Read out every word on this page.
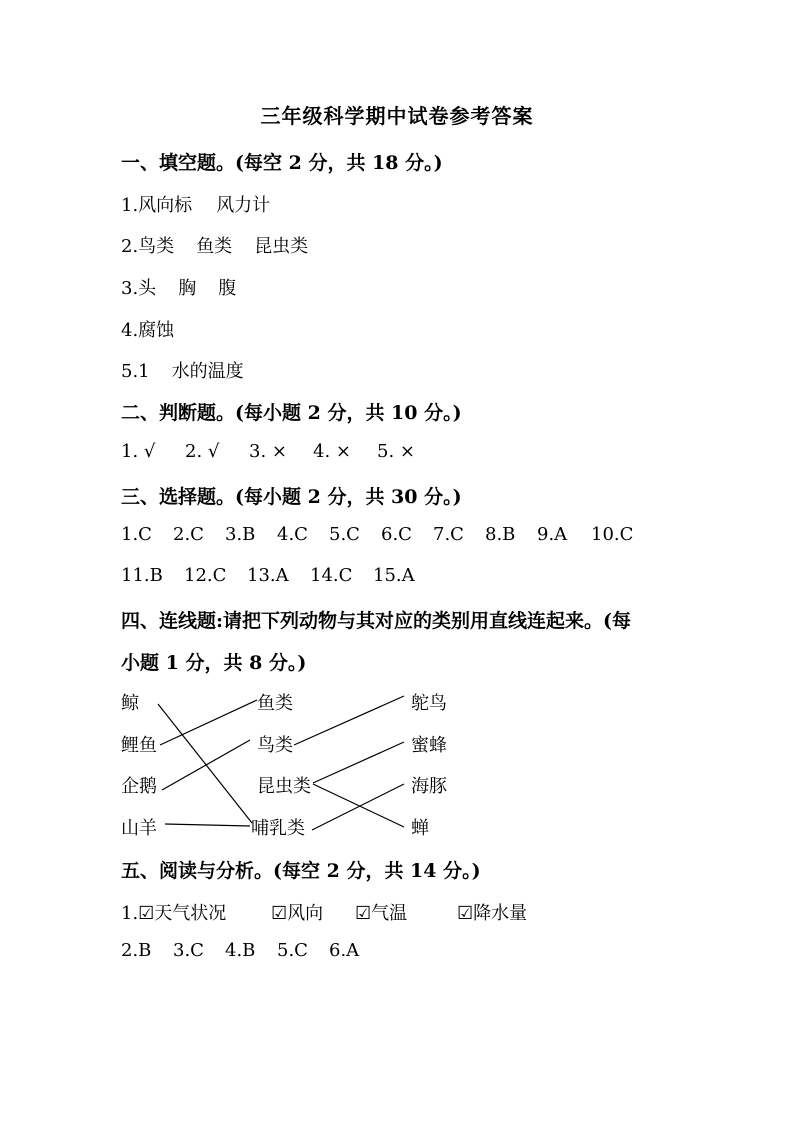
三年级科学期中试卷参考答案
一、填空题。(每空 2 分，共 18 分。)
1.风向标 风力计
2.鸟类 鱼类 昆虫类
3.头 胸 腹
4.腐蚀
5.1 水的温度
二、判断题。(每小题 2 分，共 10 分。)
1. √ 2. √ 3. × 4. × 5. ×
三、选择题。(每小题 2 分，共 30 分。)
1.C 2.C 3.B 4.C 5.C 6.C 7.C 8.B 9.A 10.C
11.B 12.C 13.A 14.C 15.A
四、连线题:请把下列动物与其对应的类别用直线连起来。(每
小题 1 分，共 8 分。)
鲸
鲤鱼
企鹅
山羊
鱼类
鸟类
昆虫类
哺乳类
鸵鸟
蜜蜂
海豚
蝉
五、阅读与分析。(每空 2 分，共 14 分。)
1.☑天气状况 ☑风向 ☑气温	☑降水量
2.B 3.C 4.B 5.C 6.A
